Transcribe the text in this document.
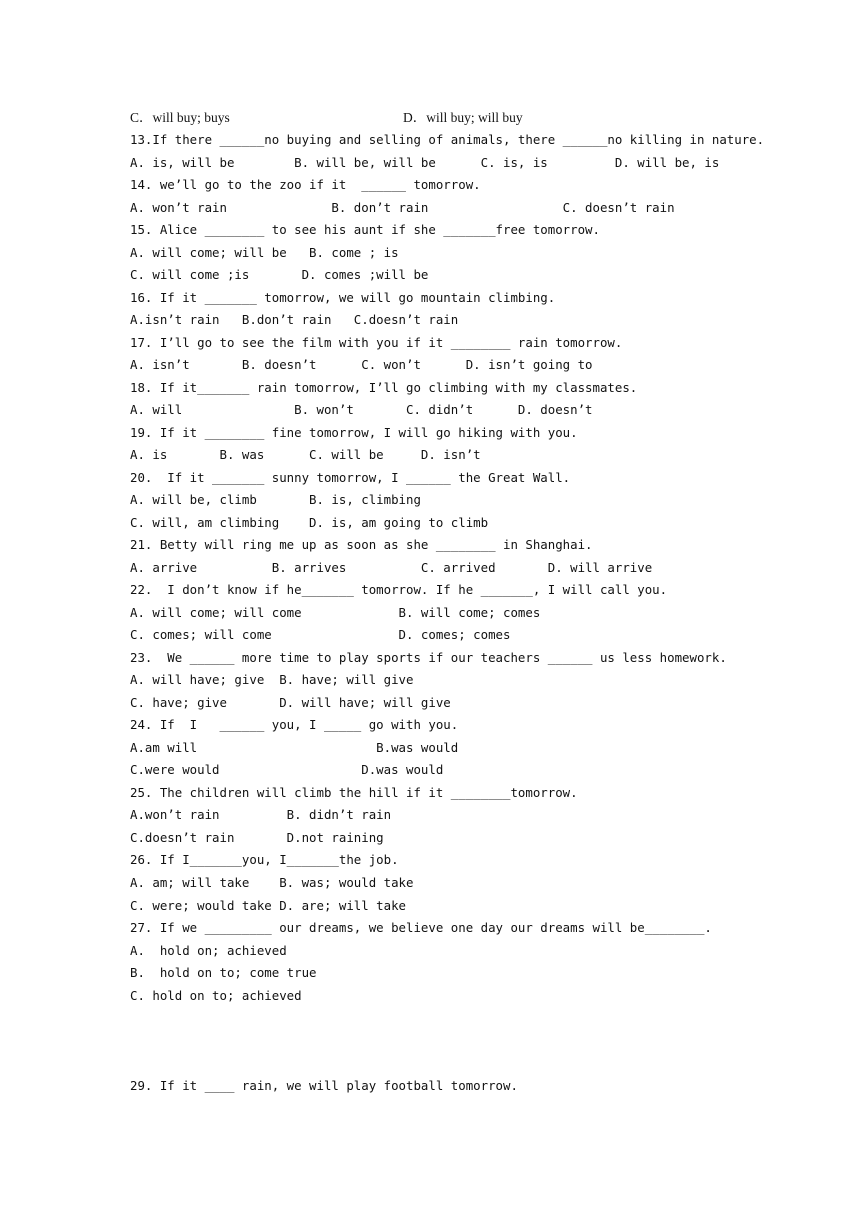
C．will buy; buys	D．will buy; will buy
13.If there ______no buying and selling of animals, there ______no killing in nature.
A. is, will be        B. will be, will be      C. is, is         D. will be, is
14. we’ll go to the zoo if it  ______ tomorrow.
A. won’t rain              B. don’t rain                  C. doesn’t rain
15. Alice ________ to see his aunt if she _______free tomorrow.
A. will come; will be   B. come ; is
C. will come ;is       D. comes ;will be
16. If it _______ tomorrow, we will go mountain climbing.
A.isn’t rain   B.don’t rain   C.doesn’t rain
17. I’ll go to see the film with you if it ________ rain tomorrow.
A. isn’t       B. doesn’t      C. won’t      D. isn’t going to
18. If it_______ rain tomorrow, I’ll go climbing with my classmates.
A. will               B. won’t       C. didn’t      D. doesn’t
19. If it ________ fine tomorrow, I will go hiking with you.
A. is       B. was      C. will be     D. isn’t
20.  If it _______ sunny tomorrow, I ______ the Great Wall.
A. will be, climb       B. is, climbing
C. will, am climbing    D. is, am going to climb
21. Betty will ring me up as soon as she ________ in Shanghai.
A. arrive          B. arrives          C. arrived       D. will arrive
22.  I don’t know if he_______ tomorrow. If he _______, I will call you.
A. will come; will come             B. will come; comes
C. comes; will come                 D. comes; comes
23.  We ______ more time to play sports if our teachers ______ us less homework.
A. will have; give  B. have; will give
C. have; give       D. will have; will give
24. If  I   ______ you, I _____ go with you.
A.am will                        B.was would
C.were would                   D.was would
25. The children will climb the hill if it ________tomorrow.
A.won’t rain         B. didn’t rain
C.doesn’t rain       D.not raining
26. If I_______you, I_______the job.
A. am; will take    B. was; would take
C. were; would take D. are; will take
27. If we _________ our dreams, we believe one day our dreams will be________.
A.  hold on; achieved
B.  hold on to; come true
C. hold on to; achieved
29. If it ____ rain, we will play football tomorrow.
